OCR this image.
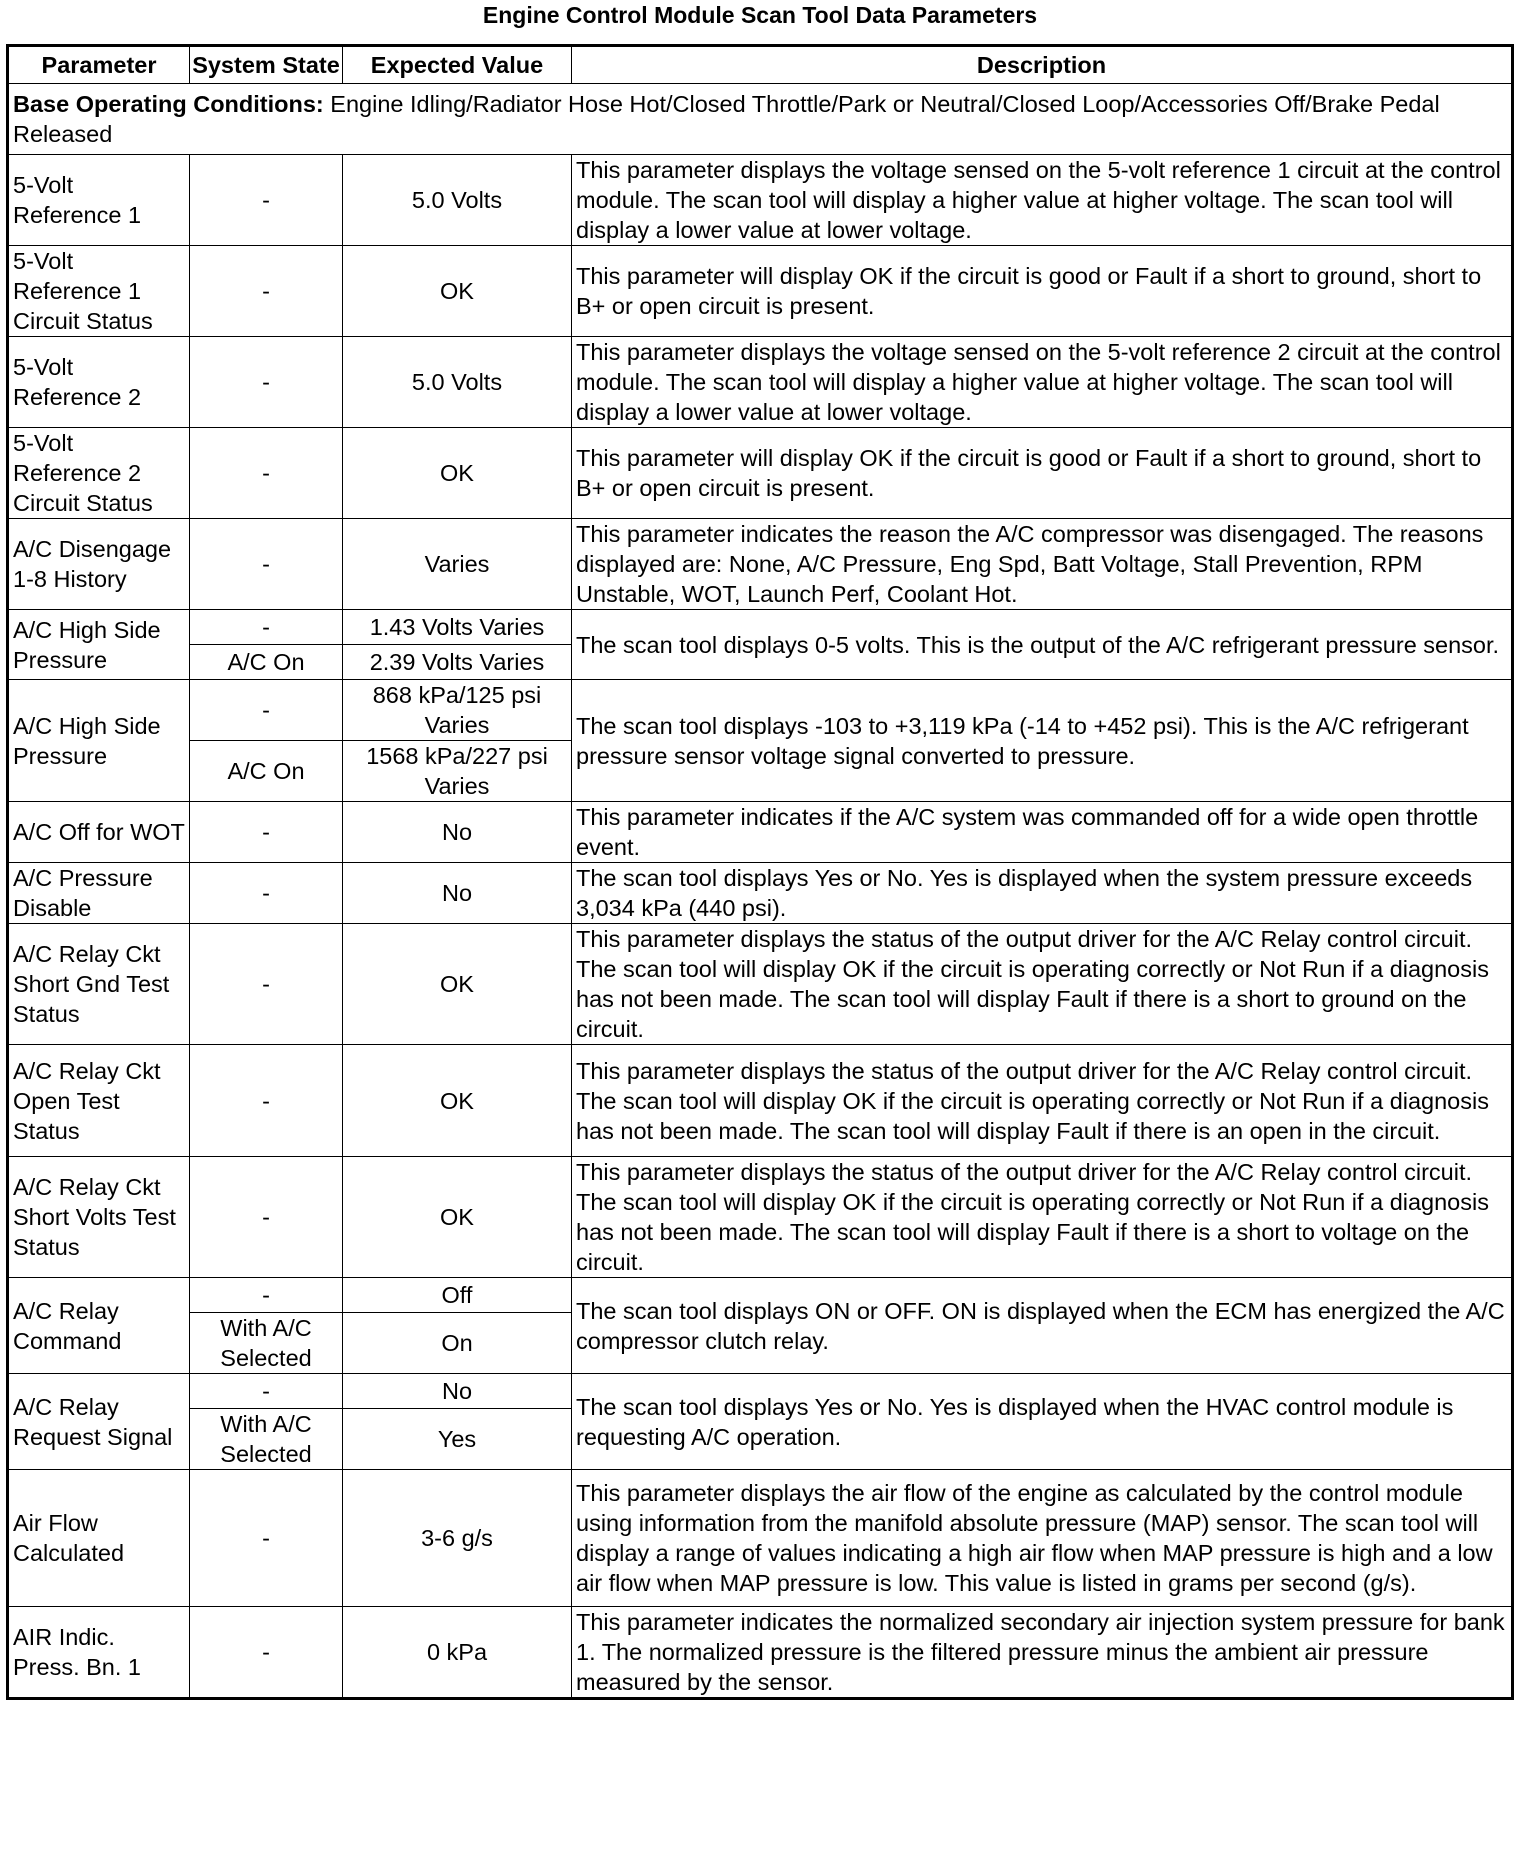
Engine Control Module Scan Tool Data Parameters
Parameter	System State	Expected Value	Description
Base Operating Conditions: Engine Idling/Radiator Hose Hot/Closed Throttle/Park or Neutral/Closed Loop/Accessories Off/Brake Pedal Released			
5-Volt Reference 1	-	5.0 Volts	This parameter displays the voltage sensed on the 5-volt reference 1 circuit at the control module. The scan tool will display a higher value at higher voltage. The scan tool will display a lower value at lower voltage.
5-Volt Reference 1 Circuit Status	-	OK	This parameter will display OK if the circuit is good or Fault if a short to ground, short to B+ or open circuit is present.
5-Volt Reference 2	-	5.0 Volts	This parameter displays the voltage sensed on the 5-volt reference 2 circuit at the control module. The scan tool will display a higher value at higher voltage. The scan tool will display a lower value at lower voltage.
5-Volt Reference 2 Circuit Status	-	OK	This parameter will display OK if the circuit is good or Fault if a short to ground, short to B+ or open circuit is present.
A/C Disengage 1-8 History	-	Varies	This parameter indicates the reason the A/C compressor was disengaged. The reasons displayed are: None, A/C Pressure, Eng Spd, Batt Voltage, Stall Prevention, RPM Unstable, WOT, Launch Perf, Coolant Hot.
A/C High Side Pressure	-	1.43 Volts Varies	The scan tool displays 0-5 volts. This is the output of the A/C refrigerant pressure sensor.
	A/C On	2.39 Volts Varies	
A/C High Side Pressure	-	868 kPa/125 psi Varies	The scan tool displays -103 to +3,119 kPa (-14 to +452 psi). This is the A/C refrigerant pressure sensor voltage signal converted to pressure.
	A/C On	1568 kPa/227 psi Varies	
A/C Off for WOT	-	No	This parameter indicates if the A/C system was commanded off for a wide open throttle event.
A/C Pressure Disable	-	No	The scan tool displays Yes or No. Yes is displayed when the system pressure exceeds 3,034 kPa (440 psi).
A/C Relay Ckt Short Gnd Test Status	-	OK	This parameter displays the status of the output driver for the A/C Relay control circuit. The scan tool will display OK if the circuit is operating correctly or Not Run if a diagnosis has not been made. The scan tool will display Fault if there is a short to ground on the circuit.
A/C Relay Ckt Open Test Status	-	OK	This parameter displays the status of the output driver for the A/C Relay control circuit. The scan tool will display OK if the circuit is operating correctly or Not Run if a diagnosis has not been made. The scan tool will display Fault if there is an open in the circuit.
A/C Relay Ckt Short Volts Test Status	-	OK	This parameter displays the status of the output driver for the A/C Relay control circuit. The scan tool will display OK if the circuit is operating correctly or Not Run if a diagnosis has not been made. The scan tool will display Fault if there is a short to voltage on the circuit.
A/C Relay Command	-	Off	The scan tool displays ON or OFF. ON is displayed when the ECM has energized the A/C compressor clutch relay.
	With A/C Selected	On	
A/C Relay Request Signal	-	No	The scan tool displays Yes or No. Yes is displayed when the HVAC control module is requesting A/C operation.
	With A/C Selected	Yes	
Air Flow Calculated	-	3-6 g/s	This parameter displays the air flow of the engine as calculated by the control module using information from the manifold absolute pressure (MAP) sensor. The scan tool will display a range of values indicating a high air flow when MAP pressure is high and a low air flow when MAP pressure is low. This value is listed in grams per second (g/s).
AIR Indic. Press. Bn. 1	-	0 kPa	This parameter indicates the normalized secondary air injection system pressure for bank 1. The normalized pressure is the filtered pressure minus the ambient air pressure measured by the sensor.
